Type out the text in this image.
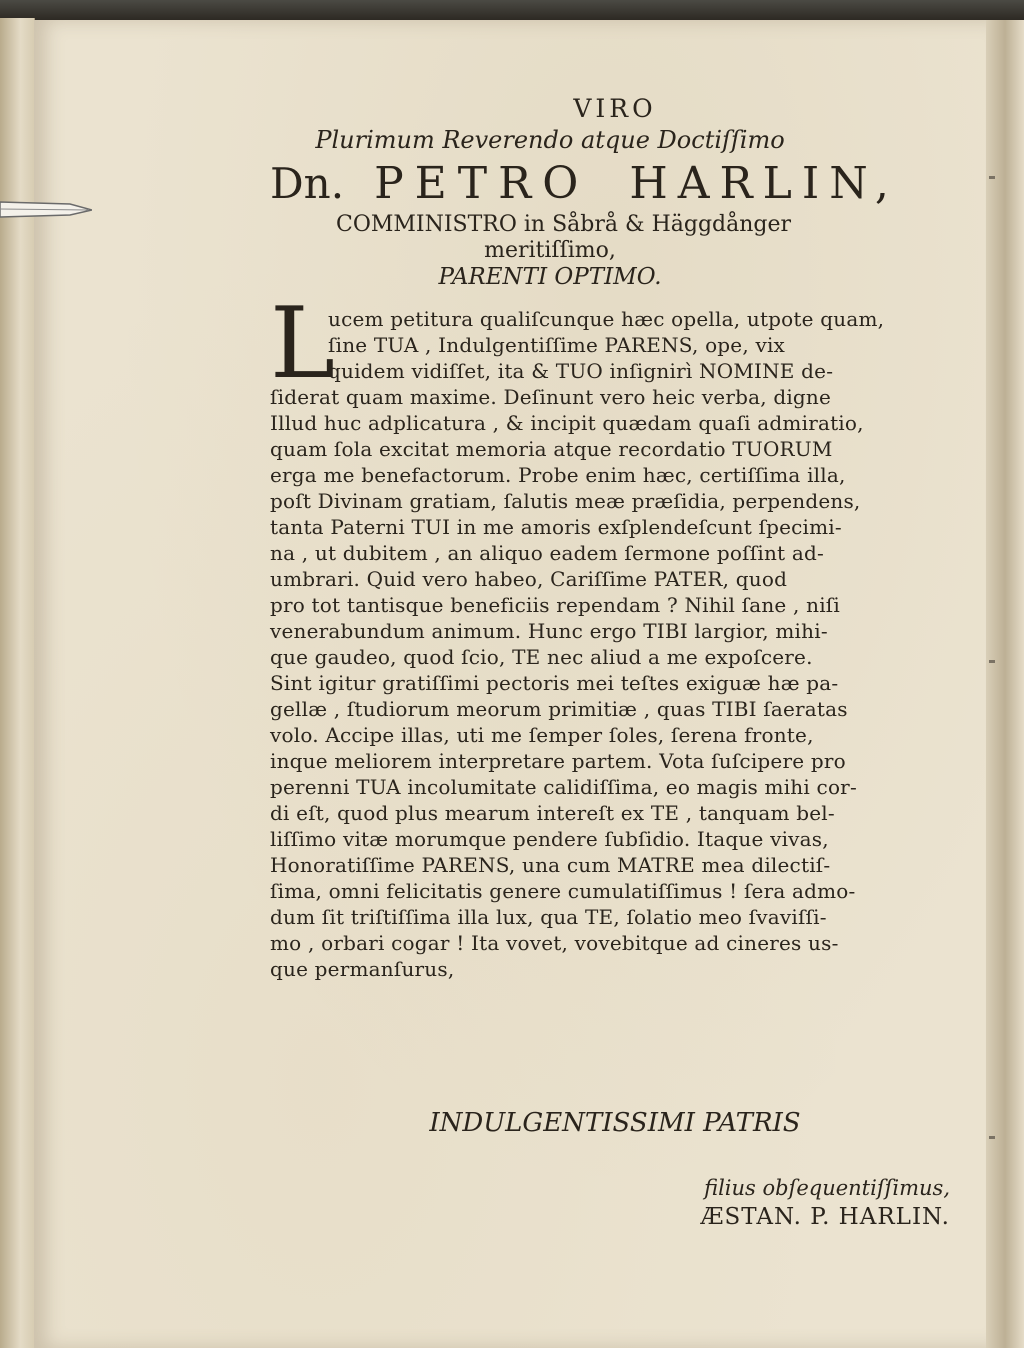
VIRO
Plurimum Reverendo atque Doctiſſimo
Dn. PETRO HARLIN,
COMMINISTRO in Såbrå & Häggdånger
meritiſſimo,
PARENTI OPTIMO.
L
ucem petitura qualiſcunque hæc opella, utpote quam,
ſine TUA , Indulgentiſſime PARENS, ope, vix
quidem vidiſſet, ita & TUO inſignirì NOMINE de-
ſiderat quam maxime. Deſinunt vero heic verba, digne
Illud huc adplicatura , & incipit quædam quaſi admiratio,
quam ſola excitat memoria atque recordatio TUORUM
erga me benefactorum. Probe enim hæc, certiſſima illa,
poſt Divinam gratiam, ſalutis meæ præſidia, perpendens,
tanta Paterni TUI in me amoris exſplendeſcunt ſpecimi-
na , ut dubitem , an aliquo eadem ſermone poſſint ad-
umbrari. Quid vero habeo, Cariſſime PATER, quod
pro tot tantisque beneficiis rependam ? Nihil ſane , niſi
venerabundum animum. Hunc ergo TIBI largior, mihi-
que gaudeo, quod ſcio, TE nec aliud a me expoſcere.
Sint igitur gratiſſimi pectoris mei teſtes exiguæ hæ pa-
gellæ , ſtudiorum meorum primitiæ , quas TIBI ſaeratas
volo. Accipe illas, uti me ſemper ſoles, ſerena fronte,
inque meliorem interpretare partem. Vota ſuſcipere pro
perenni TUA incolumitate calidiſſima, eo magis mihi cor-
di eſt, quod plus mearum intereſt ex TE , tanquam bel-
liſſimo vitæ morumque pendere ſubſidio. Itaque vivas,
Honoratiſſime PARENS, una cum MATRE mea dilectiſ-
ſima, omni felicitatis genere cumulatiſſimus ! ſera admo-
dum ſit triſtiſſima illa lux, qua TE, ſolatio meo ſvaviſſi-
mo , orbari cogar ! Ita vovet, vovebitque ad cineres us-
que permanſurus,
INDULGENTISSIMI PATRIS
filius obſequentiſſimus,
ÆSTAN. P. HARLIN.
